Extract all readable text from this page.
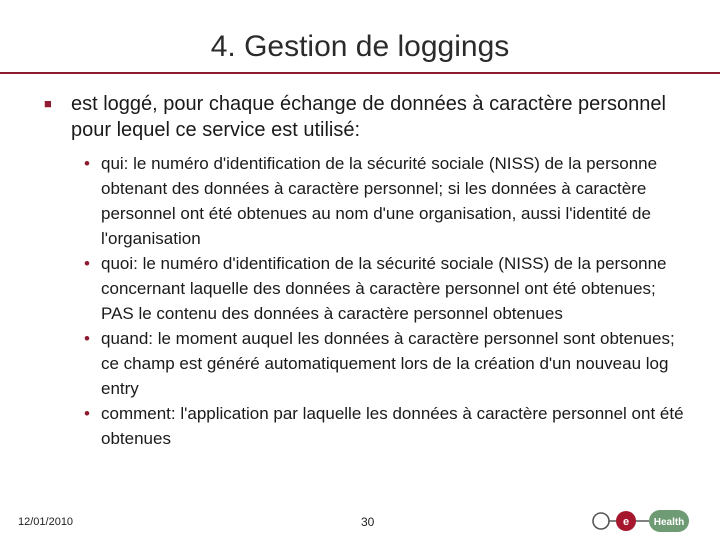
4. Gestion de loggings
■ est loggé, pour chaque échange de données à caractère personnel pour lequel ce service est utilisé:
• qui: le numéro d'identification de la sécurité sociale (NISS) de la personne obtenant des données à caractère personnel; si les données à caractère personnel ont été obtenues au nom d'une organisation, aussi l'identité de l'organisation
• quoi: le numéro d'identification de la sécurité sociale (NISS) de la personne concernant laquelle des données à caractère personnel ont été obtenues; PAS le contenu des données à caractère personnel obtenues
• quand: le moment auquel les données à caractère personnel sont obtenues; ce champ est généré automatiquement lors de la création d'un nouveau log entry
• comment: l'application par laquelle les données à caractère personnel ont été obtenues
12/01/2010	30	e Health
